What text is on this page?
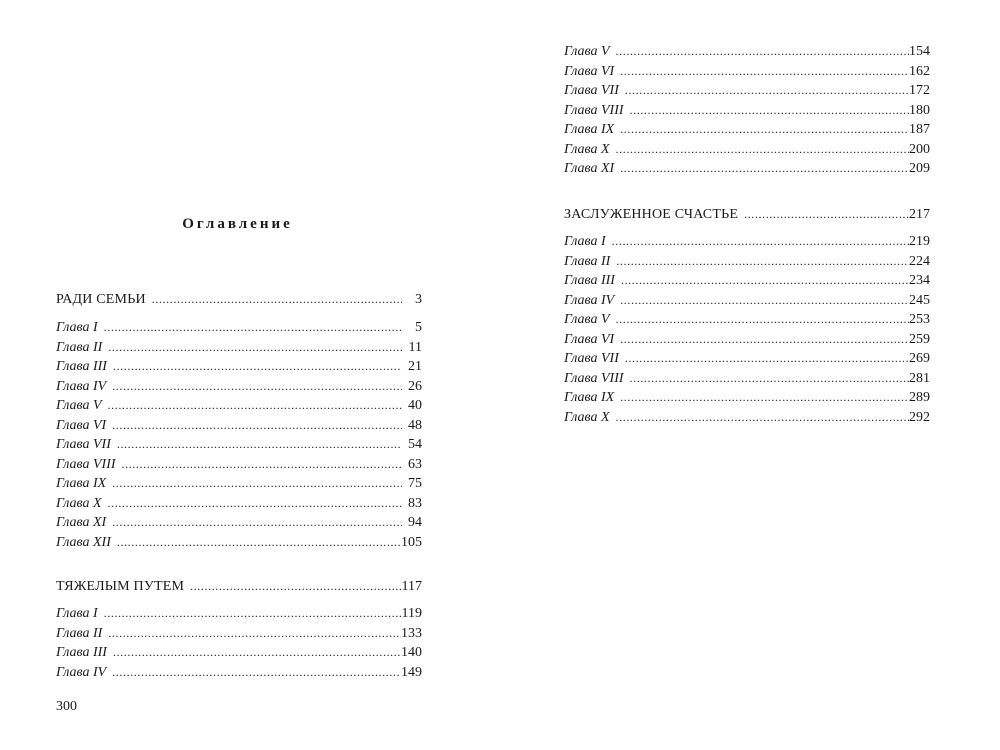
Оглавление
РАДИ СЕМЬИ .....	3
Глава I .....	5
Глава II .....	11
Глава III .....	21
Глава IV .....	26
Глава V .....	40
Глава VI .....	48
Глава VII .....	54
Глава VIII .....	63
Глава IX .....	75
Глава X .....	83
Глава XI .....	94
Глава XII .....	105
ТЯЖЕЛЫМ ПУТЕМ .....	117
Глава I .....	119
Глава II .....	133
Глава III .....	140
Глава IV .....	149

300

Глава V .....	154
Глава VI .....	162
Глава VII .....	172
Глава VIII .....	180
Глава IX .....	187
Глава X .....	200
Глава XI .....	209
ЗАСЛУЖЕННОЕ СЧАСТЬЕ .....	217
Глава I .....	219
Глава II .....	224
Глава III .....	234
Глава IV .....	245
Глава V .....	253
Глава VI .....	259
Глава VII .....	269
Глава VIII .....	281
Глава IX .....	289
Глава X .....	292
